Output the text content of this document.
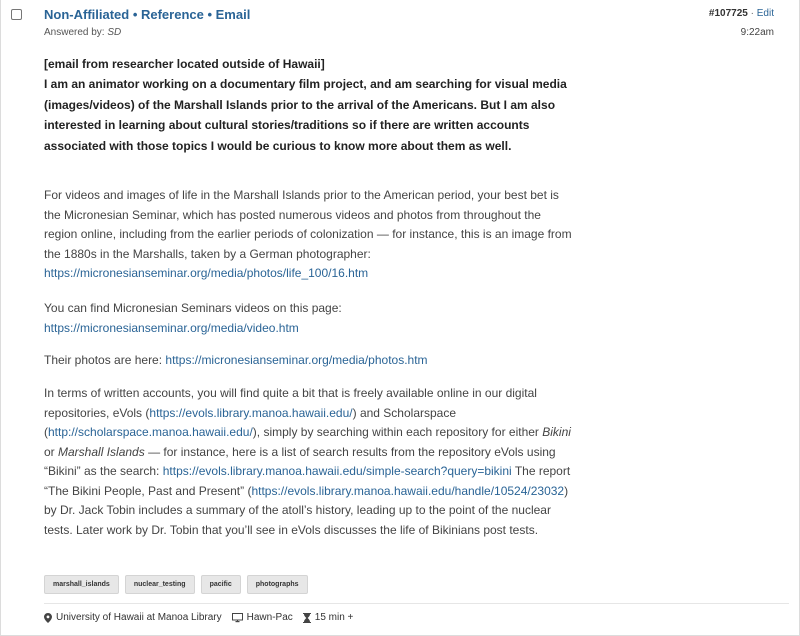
Non-Affiliated • Reference • Email
Answered by: SD
#107725 · Edit
9:22am
[email from researcher located outside of Hawaii]
I am an animator working on a documentary film project, and am searching for visual media (images/videos) of the Marshall Islands prior to the arrival of the Americans. But I am also interested in learning about cultural stories/traditions so if there are written accounts associated with those topics I would be curious to know more about them as well.
For videos and images of life in the Marshall Islands prior to the American period, your best bet is the Micronesian Seminar, which has posted numerous videos and photos from throughout the region online, including from the earlier periods of colonization — for instance, this is an image from the 1880s in the Marshalls, taken by a German photographer:
https://micronesianseminar.org/media/photos/life_100/16.htm
You can find Micronesian Seminars videos on this page:
https://micronesianseminar.org/media/video.htm
Their photos are here: https://micronesianseminar.org/media/photos.htm
In terms of written accounts, you will find quite a bit that is freely available online in our digital repositories, eVols (https://evols.library.manoa.hawaii.edu/) and Scholarspace (http://scholarspace.manoa.hawaii.edu/), simply by searching within each repository for either Bikini or Marshall Islands — for instance, here is a list of search results from the repository eVols using “Bikini” as the search: https://evols.library.manoa.hawaii.edu/simple-search?query=bikini The report “The Bikini People, Past and Present” (https://evols.library.manoa.hawaii.edu/handle/10524/23032) by Dr. Jack Tobin includes a summary of the atoll’s history, leading up to the point of the nuclear tests. Later work by Dr. Tobin that you’ll see in eVols discusses the life of Bikinians post tests.
marshall_islands	nuclear_testing	pacific	photographs
University of Hawaii at Manoa Library	Hawn-Pac 15 min +
